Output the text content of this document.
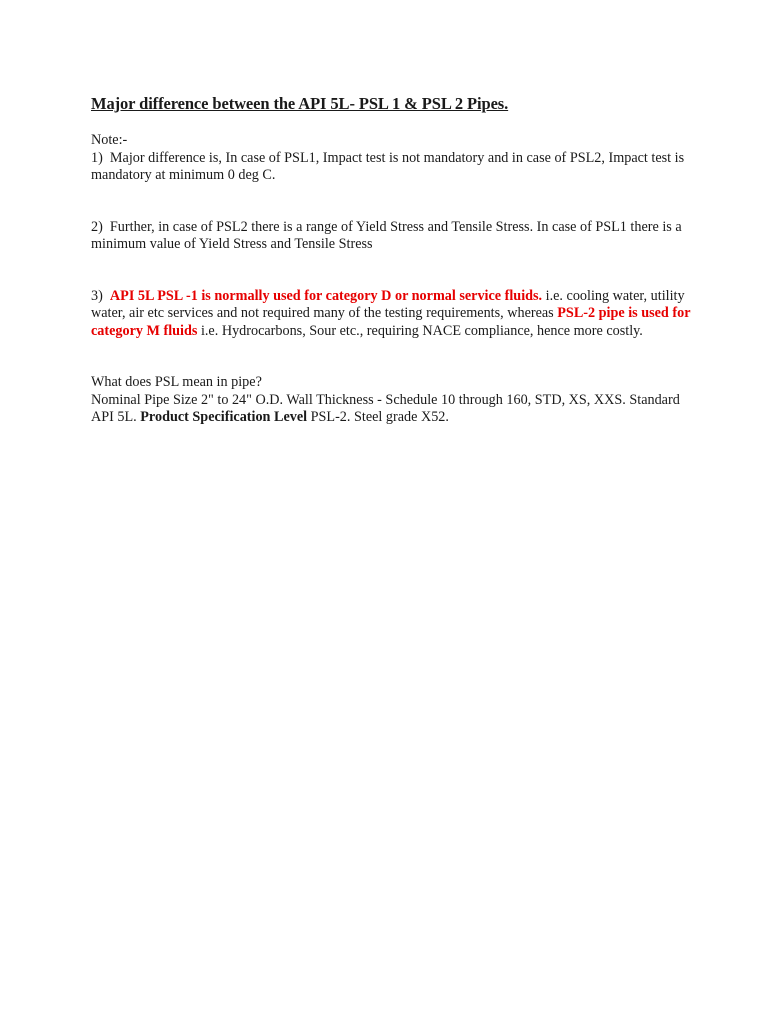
Major difference between the API 5L- PSL 1 & PSL 2 Pipes.

Note:-

1) Major difference is, In case of PSL1, Impact test is not mandatory and in case of PSL2, Impact test is mandatory at minimum 0 deg C.

2) Further, in case of PSL2 there is a range of Yield Stress and Tensile Stress. In case of PSL1 there is a minimum value of Yield Stress and Tensile Stress

3) API 5L PSL -1 is normally used for category D or normal service fluids. i.e. cooling water, utility water, air etc services and not required many of the testing requirements, whereas PSL-2 pipe is used for category M fluids i.e. Hydrocarbons, Sour etc., requiring NACE compliance, hence more costly.

What does PSL mean in pipe?

Nominal Pipe Size 2" to 24" O.D. Wall Thickness - Schedule 10 through 160, STD, XS, XXS. Standard API 5L. Product Specification Level PSL-2. Steel grade X52.
